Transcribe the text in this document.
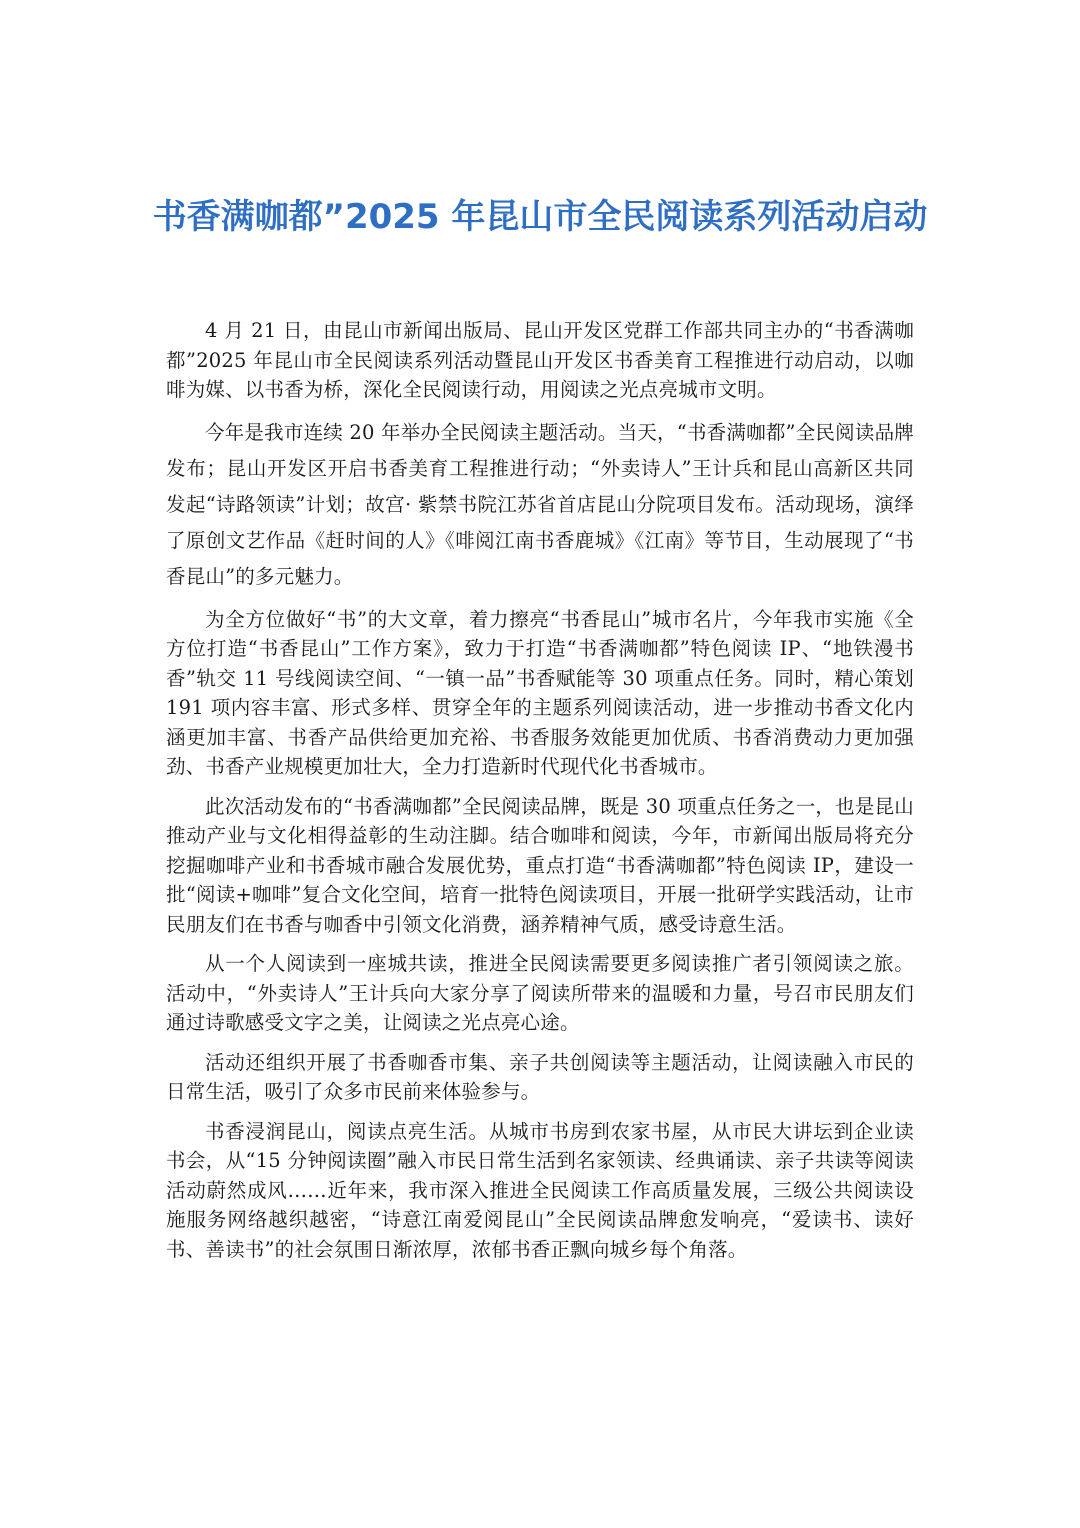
书香满咖都”2025 年昆山市全民阅读系列活动启动

4 月 21 日，由昆山市新闻出版局、昆山开发区党群工作部共同主办的“书香满咖都”2025 年昆山市全民阅读系列活动暨昆山开发区书香美育工程推进行动启动，以咖啡为媒、以书香为桥，深化全民阅读行动，用阅读之光点亮城市文明。

今年是我市连续 20 年举办全民阅读主题活动。当天，“书香满咖都”全民阅读品牌发布；昆山开发区开启书香美育工程推进行动；“外卖诗人”王计兵和昆山高新区共同发起“诗路领读”计划；故宫· 紫禁书院江苏省首店昆山分院项目发布。活动现场，演绎了原创文艺作品《赶时间的人》《啡阅江南书香鹿城》《江南》等节目，生动展现了“书香昆山”的多元魅力。

为全方位做好“书”的大文章，着力擦亮“书香昆山”城市名片，今年我市实施《全方位打造“书香昆山”工作方案》，致力于打造“书香满咖都”特色阅读 IP、“地铁漫书香”轨交 11 号线阅读空间、“一镇一品”书香赋能等 30 项重点任务。同时，精心策划 191 项内容丰富、形式多样、贯穿全年的主题系列阅读活动，进一步推动书香文化内涵更加丰富、书香产品供给更加充裕、书香服务效能更加优质、书香消费动力更加强劲、书香产业规模更加壮大，全力打造新时代现代化书香城市。

此次活动发布的“书香满咖都”全民阅读品牌，既是 30 项重点任务之一，也是昆山推动产业与文化相得益彰的生动注脚。结合咖啡和阅读，今年，市新闻出版局将充分挖掘咖啡产业和书香城市融合发展优势，重点打造“书香满咖都”特色阅读 IP，建设一批“阅读+咖啡”复合文化空间，培育一批特色阅读项目，开展一批研学实践活动，让市民朋友们在书香与咖香中引领文化消费，涵养精神气质，感受诗意生活。

从一个人阅读到一座城共读，推进全民阅读需要更多阅读推广者引领阅读之旅。活动中，“外卖诗人”王计兵向大家分享了阅读所带来的温暖和力量，号召市民朋友们通过诗歌感受文字之美，让阅读之光点亮心途。

活动还组织开展了书香咖香市集、亲子共创阅读等主题活动，让阅读融入市民的日常生活，吸引了众多市民前来体验参与。

书香浸润昆山，阅读点亮生活。从城市书房到农家书屋，从市民大讲坛到企业读书会，从“15 分钟阅读圈”融入市民日常生活到名家领读、经典诵读、亲子共读等阅读活动蔚然成风……近年来，我市深入推进全民阅读工作高质量发展，三级公共阅读设施服务网络越织越密，“诗意江南爱阅昆山”全民阅读品牌愈发响亮，“爱读书、读好书、善读书”的社会氛围日渐浓厚，浓郁书香正飘向城乡每个角落。
